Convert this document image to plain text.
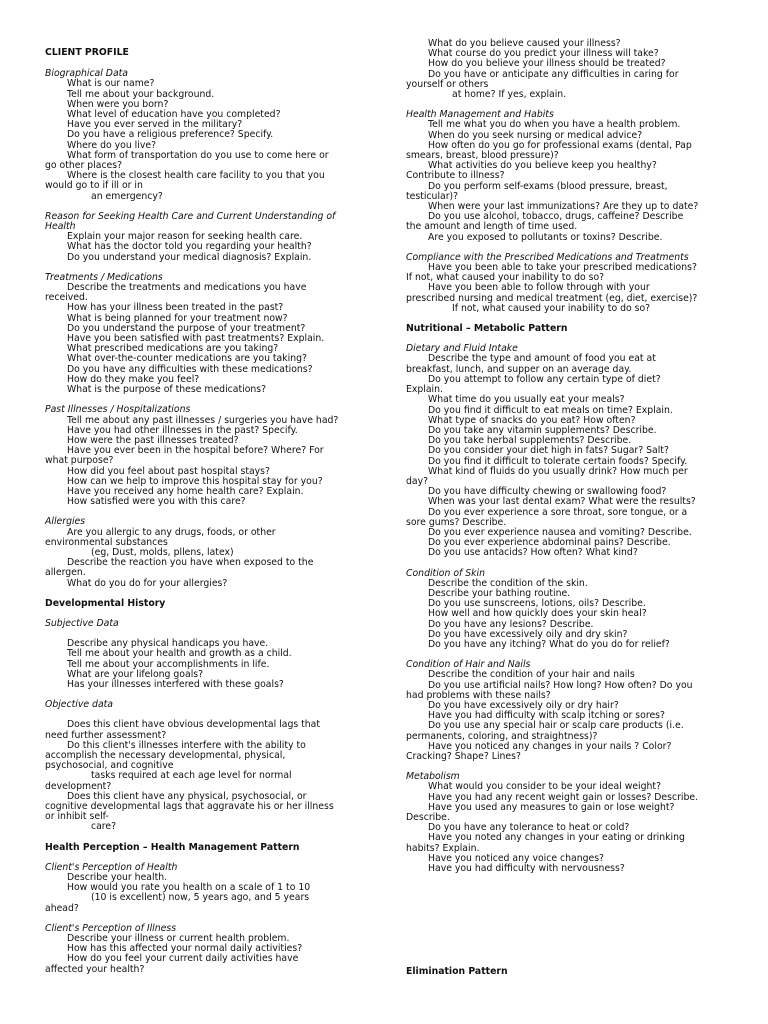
CLIENT PROFILE
Biographical Data
What is our name?
Tell me about your background.
When were you born?
What level of education have you completed?
Have you ever served in the military?
Do you have a religious preference? Specify.
Where do you live?
What form of transportation do you use to come here or
go other places?
Where is the closest health care facility to you that you
would go to if ill or in
an emergency?
Reason for Seeking Health Care and Current Understanding of
Health
Explain your major reason for seeking health care.
What has the doctor told you regarding your health?
Do you understand your medical diagnosis? Explain.
Treatments / Medications
Describe the treatments and medications you have
received.
How has your illness been treated in the past?
What is being planned for your treatment now?
Do you understand the purpose of your treatment?
Have you been satisfied with past treatments? Explain.
What prescribed medications are you taking?
What over-the-counter medications are you taking?
Do you have any difficulties with these medications?
How do they make you feel?
What is the purpose of these medications?
Past Illnesses / Hospitalizations
Tell me about any past illnesses / surgeries you have had?
Have you had other illnesses in the past? Specify.
How were the past illnesses treated?
Have you ever been in the hospital before? Where? For
what purpose?
How did you feel about past hospital stays?
How can we help to improve this hospital stay for you?
Have you received any home health care? Explain.
How satisfied were you with this care?
Allergies
Are you allergic to any drugs, foods, or other
environmental substances
(eg, Dust, molds, pllens, latex)
Describe the reaction you have when exposed to the
allergen.
What do you do for your allergies?
Developmental History
Subjective Data
Describe any physical handicaps you have.
Tell me about your health and growth as a child.
Tell me about your accomplishments in life.
What are your lifelong goals?
Has your illnesses interfered with these goals?
Objective data
Does this client have obvious developmental lags that
need further assessment?
Do this client's illnesses interfere with the ability to
accomplish the necessary developmental, physical,
psychosocial, and cognitive
tasks required at each age level for normal
development?
Does this client have any physical, psychosocial, or
cognitive developmental lags that aggravate his or her illness
or inhibit self-
care?
Health Perception – Health Management Pattern
Client's Perception of Health
Describe your health.
How would you rate you health on a scale of 1 to 10
(10 is excellent) now, 5 years ago, and 5 years
ahead?
Client's Perception of Illness
Describe your illness or current health problem.
How has this affected your normal daily activities?
How do you feel your current daily activities have
affected your health?
What do you believe caused your illness?
What course do you predict your illness will take?
How do you believe your illness should be treated?
Do you have or anticipate any difficulties in caring for
yourself or others
at home? If yes, explain.
Health Management and Habits
Tell me what you do when you have a health problem.
When do you seek nursing or medical advice?
How often do you go for professional exams (dental, Pap
smears, breast, blood pressure)?
What activities do you believe keep you healthy?
Contribute to illness?
Do you perform self-exams (blood pressure, breast,
testicular)?
When were your last immunizations? Are they up to date?
Do you use alcohol, tobacco, drugs, caffeine? Describe
the amount and length of time used.
Are you exposed to pollutants or toxins? Describe.
Compliance with the Prescribed Medications and Treatments
Have you been able to take your prescribed medications?
If not, what caused your inability to do so?
Have you been able to follow through with your
prescribed nursing and medical treatment (eg, diet, exercise)?
If not, what caused your inability to do so?
Nutritional – Metabolic Pattern
Dietary and Fluid Intake
Describe the type and amount of food you eat at
breakfast, lunch, and supper on an average day.
Do you attempt to follow any certain type of diet?
Explain.
What time do you usually eat your meals?
Do you find it difficult to eat meals on time? Explain.
What type of snacks do you eat? How often?
Do you take any vitamin supplements? Describe.
Do you take herbal supplements? Describe.
Do you consider your diet high in fats? Sugar? Salt?
Do you find it difficult to tolerate certain foods? Specify.
What kind of fluids do you usually drink? How much per
day?
Do you have difficulty chewing or swallowing food?
When was your last dental exam? What were the results?
Do you ever experience a sore throat, sore tongue, or a
sore gums? Describe.
Do you ever experience nausea and vomiting? Describe.
Do you ever experience abdominal pains? Describe.
Do you use antacids? How often? What kind?
Condition of Skin
Describe the condition of the skin.
Describe your bathing routine.
Do you use sunscreens, lotions, oils? Describe.
How well and how quickly does your skin heal?
Do you have any lesions? Describe.
Do you have excessively oily and dry skin?
Do you have any itching? What do you do for relief?
Condition of Hair and Nails
Describe the condition of your hair and nails
Do you use artificial nails? How long? How often? Do you
had problems with these nails?
Do you have excessively oily or dry hair?
Have you had difficulty with scalp itching or sores?
Do you use any special hair or scalp care products (i.e.
permanents, coloring, and straightness)?
Have you noticed any changes in your nails ? Color?
Cracking? Shape? Lines?
Metabolism
What would you consider to be your ideal weight?
Have you had any recent weight gain or losses? Describe.
Have you used any measures to gain or lose weight?
Describe.
Do you have any tolerance to heat or cold?
Have you noted any changes in your eating or drinking
habits? Explain.
Have you noticed any voice changes?
Have you had difficulty with nervousness?
Elimination Pattern
